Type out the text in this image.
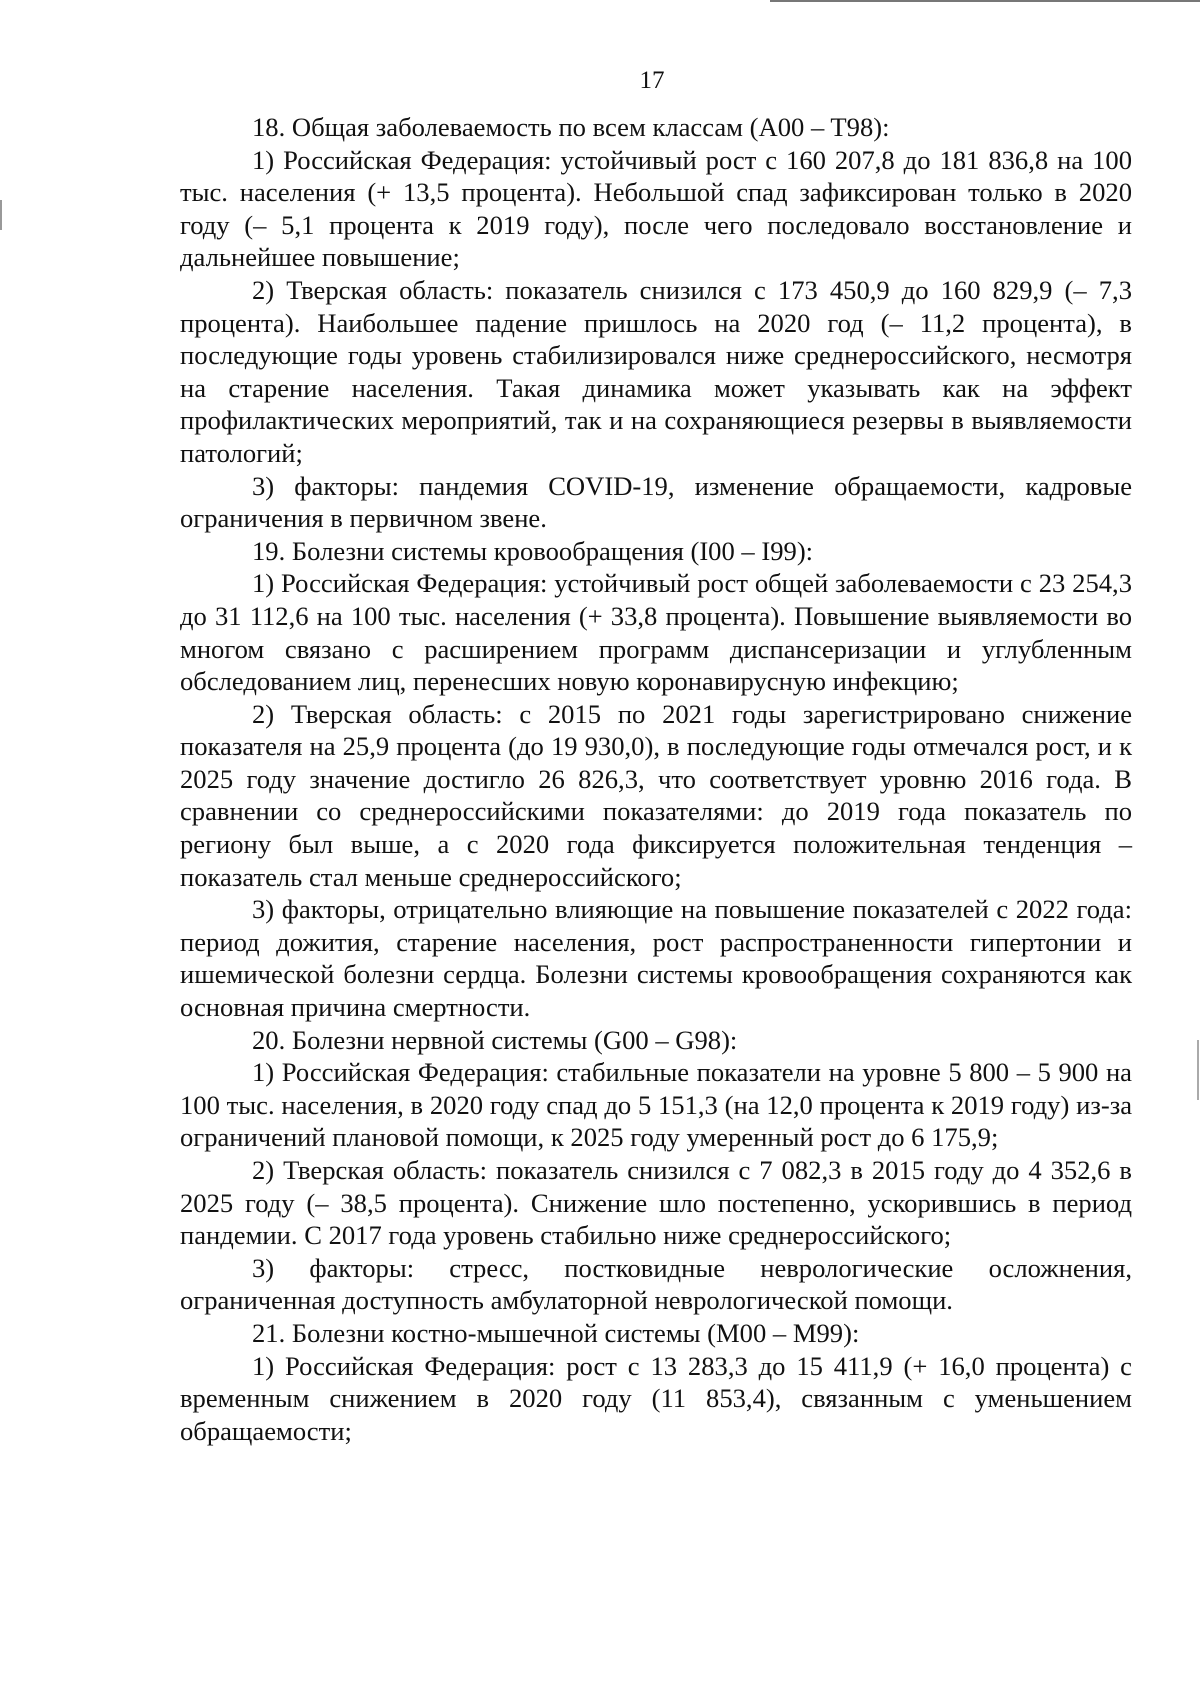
17

18. Общая заболеваемость по всем классам (A00 – T98):

1) Российская Федерация: устойчивый рост с 160 207,8 до 181 836,8 на 100 тыс. населения (+ 13,5 процента). Небольшой спад зафиксирован только в 2020 году (– 5,1 процента к 2019 году), после чего последовало восстановление и дальнейшее повышение;

2) Тверская область: показатель снизился с 173 450,9 до 160 829,9 (– 7,3 процента). Наибольшее падение пришлось на 2020 год (– 11,2 процента), в последующие годы уровень стабилизировался ниже среднероссийского, несмотря на старение населения. Такая динамика может указывать как на эффект профилактических мероприятий, так и на сохраняющиеся резервы в выявляемости патологий;

3) факторы: пандемия COVID-19, изменение обращаемости, кадровые ограничения в первичном звене.

19. Болезни системы кровообращения (I00 – I99):

1) Российская Федерация: устойчивый рост общей заболеваемости с 23 254,3 до 31 112,6 на 100 тыс. населения (+ 33,8 процента). Повышение выявляемости во многом связано с расширением программ диспансеризации и углубленным обследованием лиц, перенесших новую коронавирусную инфекцию;

2) Тверская область: с 2015 по 2021 годы зарегистрировано снижение показателя на 25,9 процента (до 19 930,0), в последующие годы отмечался рост, и к 2025 году значение достигло 26 826,3, что соответствует уровню 2016 года. В сравнении со среднероссийскими показателями: до 2019 года показатель по региону был выше, а с 2020 года фиксируется положительная тенденция – показатель стал меньше среднероссийского;

3) факторы, отрицательно влияющие на повышение показателей с 2022 года: период дожития, старение населения, рост распространенности гипертонии и ишемической болезни сердца. Болезни системы кровообращения сохраняются как основная причина смертности.

20. Болезни нервной системы (G00 – G98):

1) Российская Федерация: стабильные показатели на уровне 5 800 – 5 900 на 100 тыс. населения, в 2020 году спад до 5 151,3 (на 12,0 процента к 2019 году) из-за ограничений плановой помощи, к 2025 году умеренный рост до 6 175,9;

2) Тверская область: показатель снизился с 7 082,3 в 2015 году до 4 352,6 в 2025 году (– 38,5 процента). Снижение шло постепенно, ускорившись в период пандемии. С 2017 года уровень стабильно ниже среднероссийского;

3) факторы: стресс, постковидные неврологические осложнения, ограниченная доступность амбулаторной неврологической помощи.

21. Болезни костно-мышечной системы (M00 – M99):

1) Российская Федерация: рост с 13 283,3 до 15 411,9 (+ 16,0 процента) с временным снижением в 2020 году (11 853,4), связанным с уменьшением обращаемости;
